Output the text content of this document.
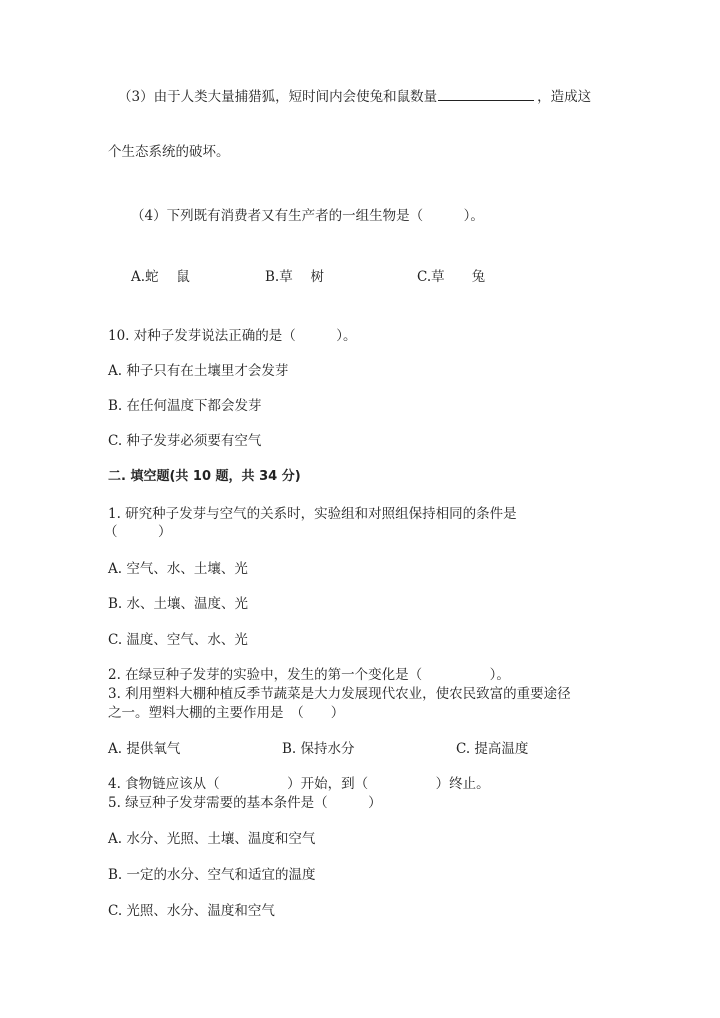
（3）由于人类大量捕猎狐，短时间内会使兔和鼠数量	，造成这
个生态系统的破坏。
（4）下列既有消费者又有生产者的一组生物是（　　　）。
A.蛇　 鼠	B.草　 树	C.草　　兔
10. 对种子发芽说法正确的是（　　　）。
A. 种子只有在土壤里才会发芽
B. 在任何温度下都会发芽
C. 种子发芽必须要有空气
二. 填空题(共 10 题，共 34 分)
1. 研究种子发芽与空气的关系时，实验组和对照组保持相同的条件是
（　　　）
A. 空气、水、土壤、光
B. 水、土壤、温度、光
C. 温度、空气、水、光
2. 在绿豆种子发芽的实验中，发生的第一个变化是（　　　　　）。
3. 利用塑料大棚种植反季节蔬菜是大力发展现代农业，使农民致富的重要途径
之一。塑料大棚的主要作用是　（　　）
A. 提供氧气	B. 保持水分	C. 提高温度
4. 食物链应该从（　　　　　）开始，到（　　　　　）终止。
5. 绿豆种子发芽需要的基本条件是（　　　）
A. 水分、光照、土壤、温度和空气
B. 一定的水分、空气和适宜的温度
C. 光照、水分、温度和空气
